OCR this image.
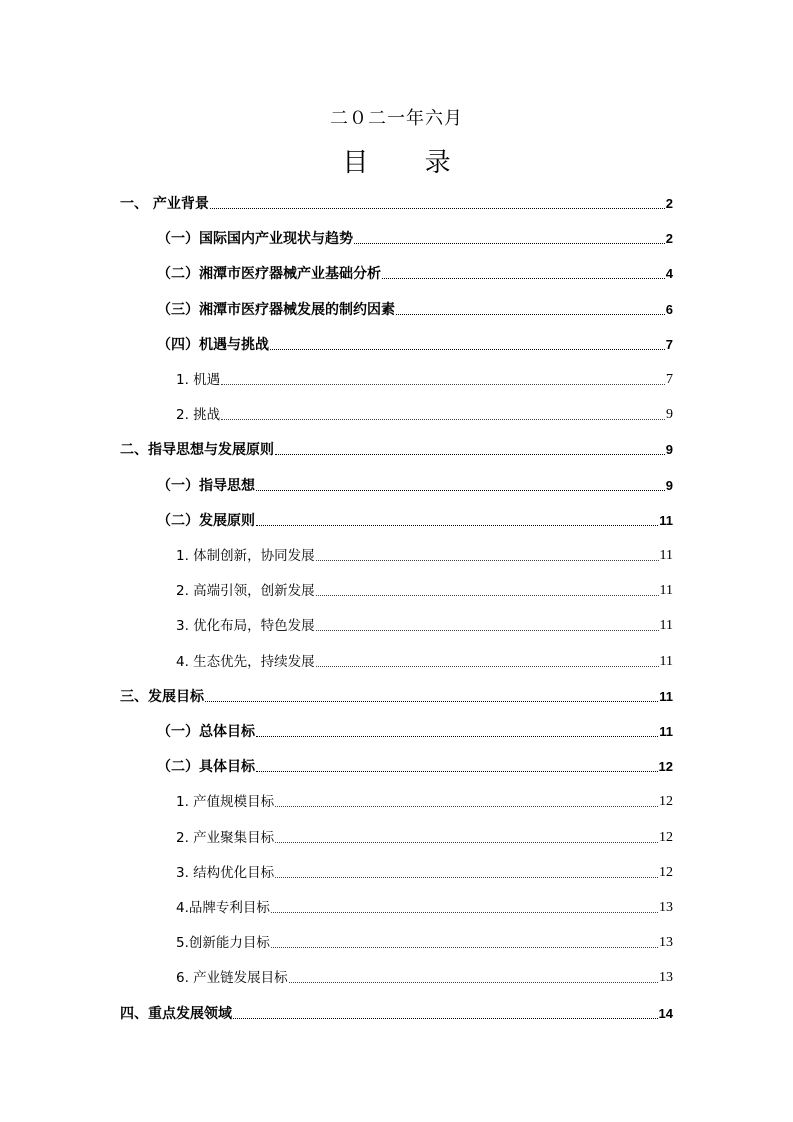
二０二一年六月
目 录
一、 产业背景	2
（一）国际国内产业现状与趋势	2
（二）湘潭市医疗器械产业基础分析	4
（三）湘潭市医疗器械发展的制约因素	6
（四）机遇与挑战	7
1. 机遇	7
2. 挑战	9
二、指导思想与发展原则	9
（一）指导思想	9
（二）发展原则	11
1. 体制创新，协同发展	11
2. 高端引领，创新发展	11
3. 优化布局，特色发展	11
4. 生态优先，持续发展	11
三、发展目标	11
（一）总体目标	11
（二）具体目标	12
1. 产值规模目标	12
2. 产业聚集目标	12
3. 结构优化目标	12
4.品牌专利目标	13
5.创新能力目标	13
6. 产业链发展目标	13
四、重点发展领域	14
